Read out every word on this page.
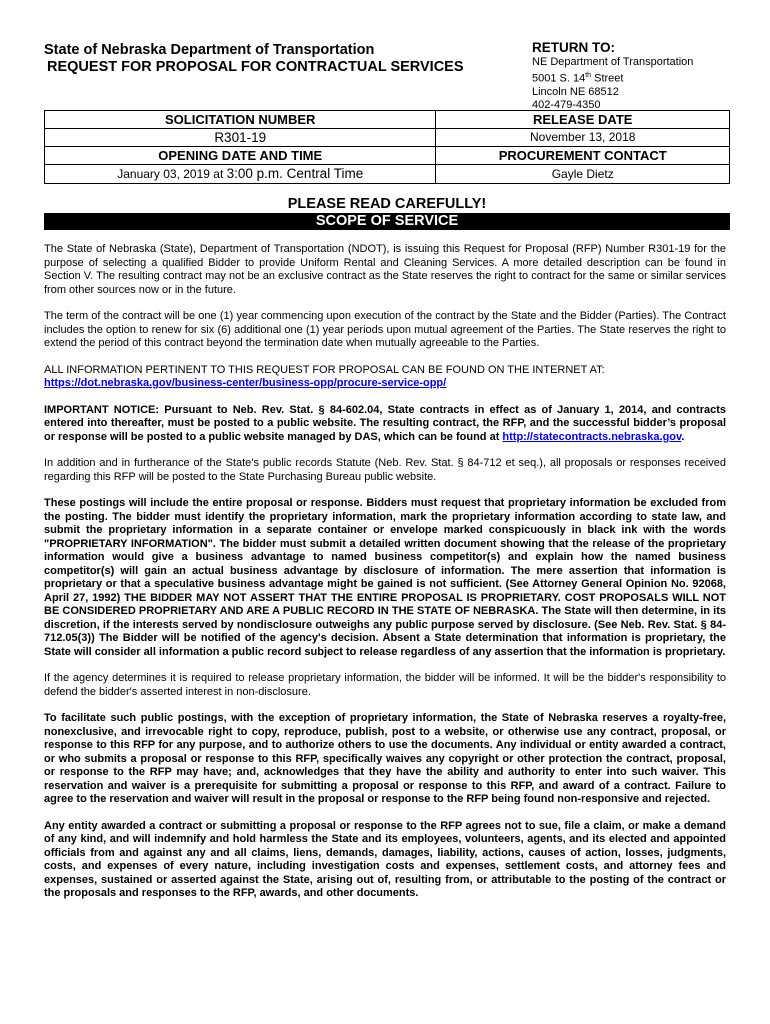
State of Nebraska Department of Transportation
REQUEST FOR PROPOSAL FOR CONTRACTUAL SERVICES
RETURN TO:
NE Department of Transportation
5001 S. 14th Street
Lincoln NE 68512
402-479-4350
SOLICITATION NUMBER	RELEASE DATE
R301-19	November 13, 2018
OPENING DATE AND TIME	PROCUREMENT CONTACT
January 03, 2019 at 3:00 p.m. Central Time	Gayle Dietz
PLEASE READ CAREFULLY!
SCOPE OF SERVICE

The State of Nebraska (State), Department of Transportation (NDOT), is issuing this Request for Proposal (RFP) Number R301-19 for the purpose of selecting a qualified Bidder to provide Uniform Rental and Cleaning Services. A more detailed description can be found in Section V. The resulting contract may not be an exclusive contract as the State reserves the right to contract for the same or similar services from other sources now or in the future.

The term of the contract will be one (1) year commencing upon execution of the contract by the State and the Bidder (Parties). The Contract includes the option to renew for six (6) additional one (1) year periods upon mutual agreement of the Parties. The State reserves the right to extend the period of this contract beyond the termination date when mutually agreeable to the Parties.

ALL INFORMATION PERTINENT TO THIS REQUEST FOR PROPOSAL CAN BE FOUND ON THE INTERNET AT:
https://dot.nebraska.gov/business-center/business-opp/procure-service-opp/

IMPORTANT NOTICE: Pursuant to Neb. Rev. Stat. § 84-602.04, State contracts in effect as of January 1, 2014, and contracts entered into thereafter, must be posted to a public website. The resulting contract, the RFP, and the successful bidder’s proposal or response will be posted to a public website managed by DAS, which can be found at http://statecontracts.nebraska.gov.

In addition and in furtherance of the State’s public records Statute (Neb. Rev. Stat. § 84-712 et seq.), all proposals or responses received regarding this RFP will be posted to the State Purchasing Bureau public website.

These postings will include the entire proposal or response. Bidders must request that proprietary information be excluded from the posting. The bidder must identify the proprietary information, mark the proprietary information according to state law, and submit the proprietary information in a separate container or envelope marked conspicuously in black ink with the words "PROPRIETARY INFORMATION". The bidder must submit a detailed written document showing that the release of the proprietary information would give a business advantage to named business competitor(s) and explain how the named business competitor(s) will gain an actual business advantage by disclosure of information. The mere assertion that information is proprietary or that a speculative business advantage might be gained is not sufficient. (See Attorney General Opinion No. 92068, April 27, 1992) THE BIDDER MAY NOT ASSERT THAT THE ENTIRE PROPOSAL IS PROPRIETARY. COST PROPOSALS WILL NOT BE CONSIDERED PROPRIETARY AND ARE A PUBLIC RECORD IN THE STATE OF NEBRASKA. The State will then determine, in its discretion, if the interests served by nondisclosure outweighs any public purpose served by disclosure. (See Neb. Rev. Stat. § 84-712.05(3)) The Bidder will be notified of the agency's decision. Absent a State determination that information is proprietary, the State will consider all information a public record subject to release regardless of any assertion that the information is proprietary.

If the agency determines it is required to release proprietary information, the bidder will be informed. It will be the bidder's responsibility to defend the bidder's asserted interest in non-disclosure.

To facilitate such public postings, with the exception of proprietary information, the State of Nebraska reserves a royalty-free, nonexclusive, and irrevocable right to copy, reproduce, publish, post to a website, or otherwise use any contract, proposal, or response to this RFP for any purpose, and to authorize others to use the documents. Any individual or entity awarded a contract, or who submits a proposal or response to this RFP, specifically waives any copyright or other protection the contract, proposal, or response to the RFP may have; and, acknowledges that they have the ability and authority to enter into such waiver. This reservation and waiver is a prerequisite for submitting a proposal or response to this RFP, and award of a contract. Failure to agree to the reservation and waiver will result in the proposal or response to the RFP being found non-responsive and rejected.

Any entity awarded a contract or submitting a proposal or response to the RFP agrees not to sue, file a claim, or make a demand of any kind, and will indemnify and hold harmless the State and its employees, volunteers, agents, and its elected and appointed officials from and against any and all claims, liens, demands, damages, liability, actions, causes of action, losses, judgments, costs, and expenses of every nature, including investigation costs and expenses, settlement costs, and attorney fees and expenses, sustained or asserted against the State, arising out of, resulting from, or attributable to the posting of the contract or the proposals and responses to the RFP, awards, and other documents.
